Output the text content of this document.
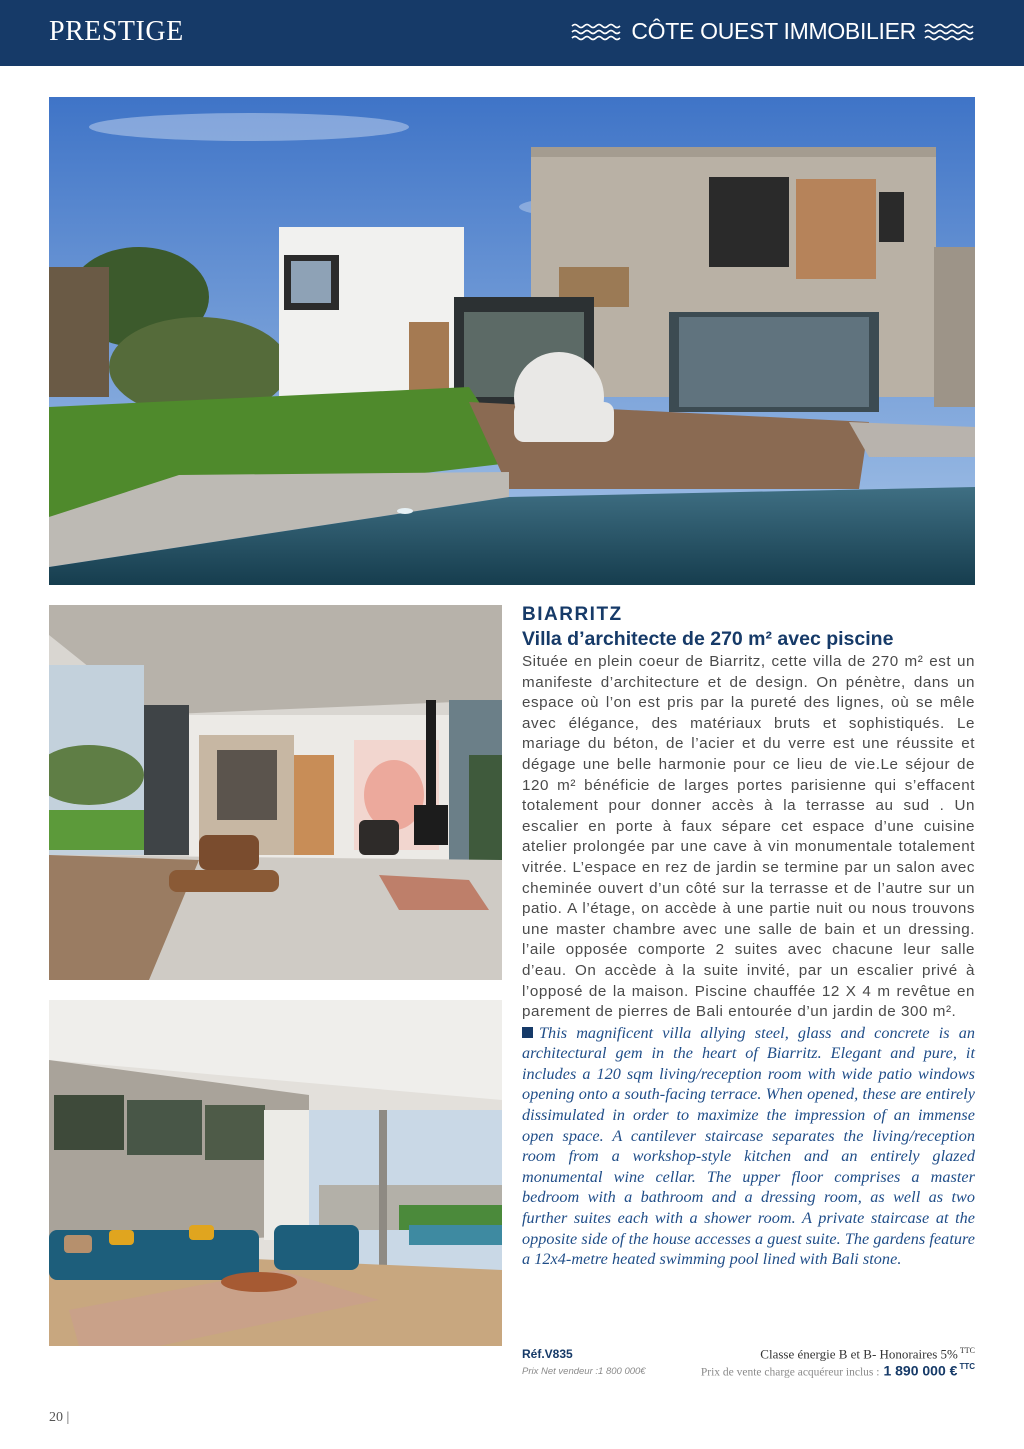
PRESTIGE	CÔTE OUEST IMMOBILIER
BIARRITZ
Villa d’architecte de 270 m² avec piscine

Située en plein coeur de Biarritz, cette villa de 270 m² est un manifeste d’architecture et de design. On pénètre, dans un espace où l’on est pris par la pureté des lignes, où se mêle avec élégance, des matériaux bruts et sophistiqués. Le mariage du béton, de l’acier et du verre est une réussite et dégage une belle harmonie pour ce lieu de vie.Le séjour de 120 m² bénéficie de larges portes parisienne qui s’effacent totalement pour donner accès à la terrasse au sud . Un escalier en porte à faux sépare cet espace d’une cuisine atelier prolongée par une cave à vin monumentale totalement vitrée. L’espace en rez de jardin se termine par un salon avec cheminée ouvert d’un côté sur la terrasse et de l’autre sur un patio. A l’étage, on accède à une partie nuit ou nous trouvons une master chambre avec une salle de bain et un dressing. l’aile opposée comporte 2 suites avec chacune leur salle d’eau. On accède à la suite invité, par un escalier privé à l’opposé de la maison. Piscine chauffée 12 X 4 m revêtue en parement de pierres de Bali entourée d’un jardin de 300 m².

This magnificent villa allying steel, glass and concrete is an architectural gem in the heart of Biarritz. Elegant and pure, it includes a 120 sqm living/reception room with wide patio windows opening onto a south-facing terrace. When opened, these are entirely dissimulated in order to maximize the impression of an immense open space. A cantilever staircase separates the living/reception room from a workshop-style kitchen and an entirely glazed monumental wine cellar. The upper floor comprises a master bedroom with a bathroom and a dressing room, as well as two further suites each with a shower room. A private staircase at the opposite side of the house accesses a guest suite. The gardens feature a 12x4-metre heated swimming pool lined with Bali stone.

Réf.V835
Prix Net vendeur :1 800 000€
Classe énergie B et B- Honoraires 5% $^{TTC}$
Prix de vente charge acquéreur inclus : 1 890 000 € $^{TTC}$
20 |
